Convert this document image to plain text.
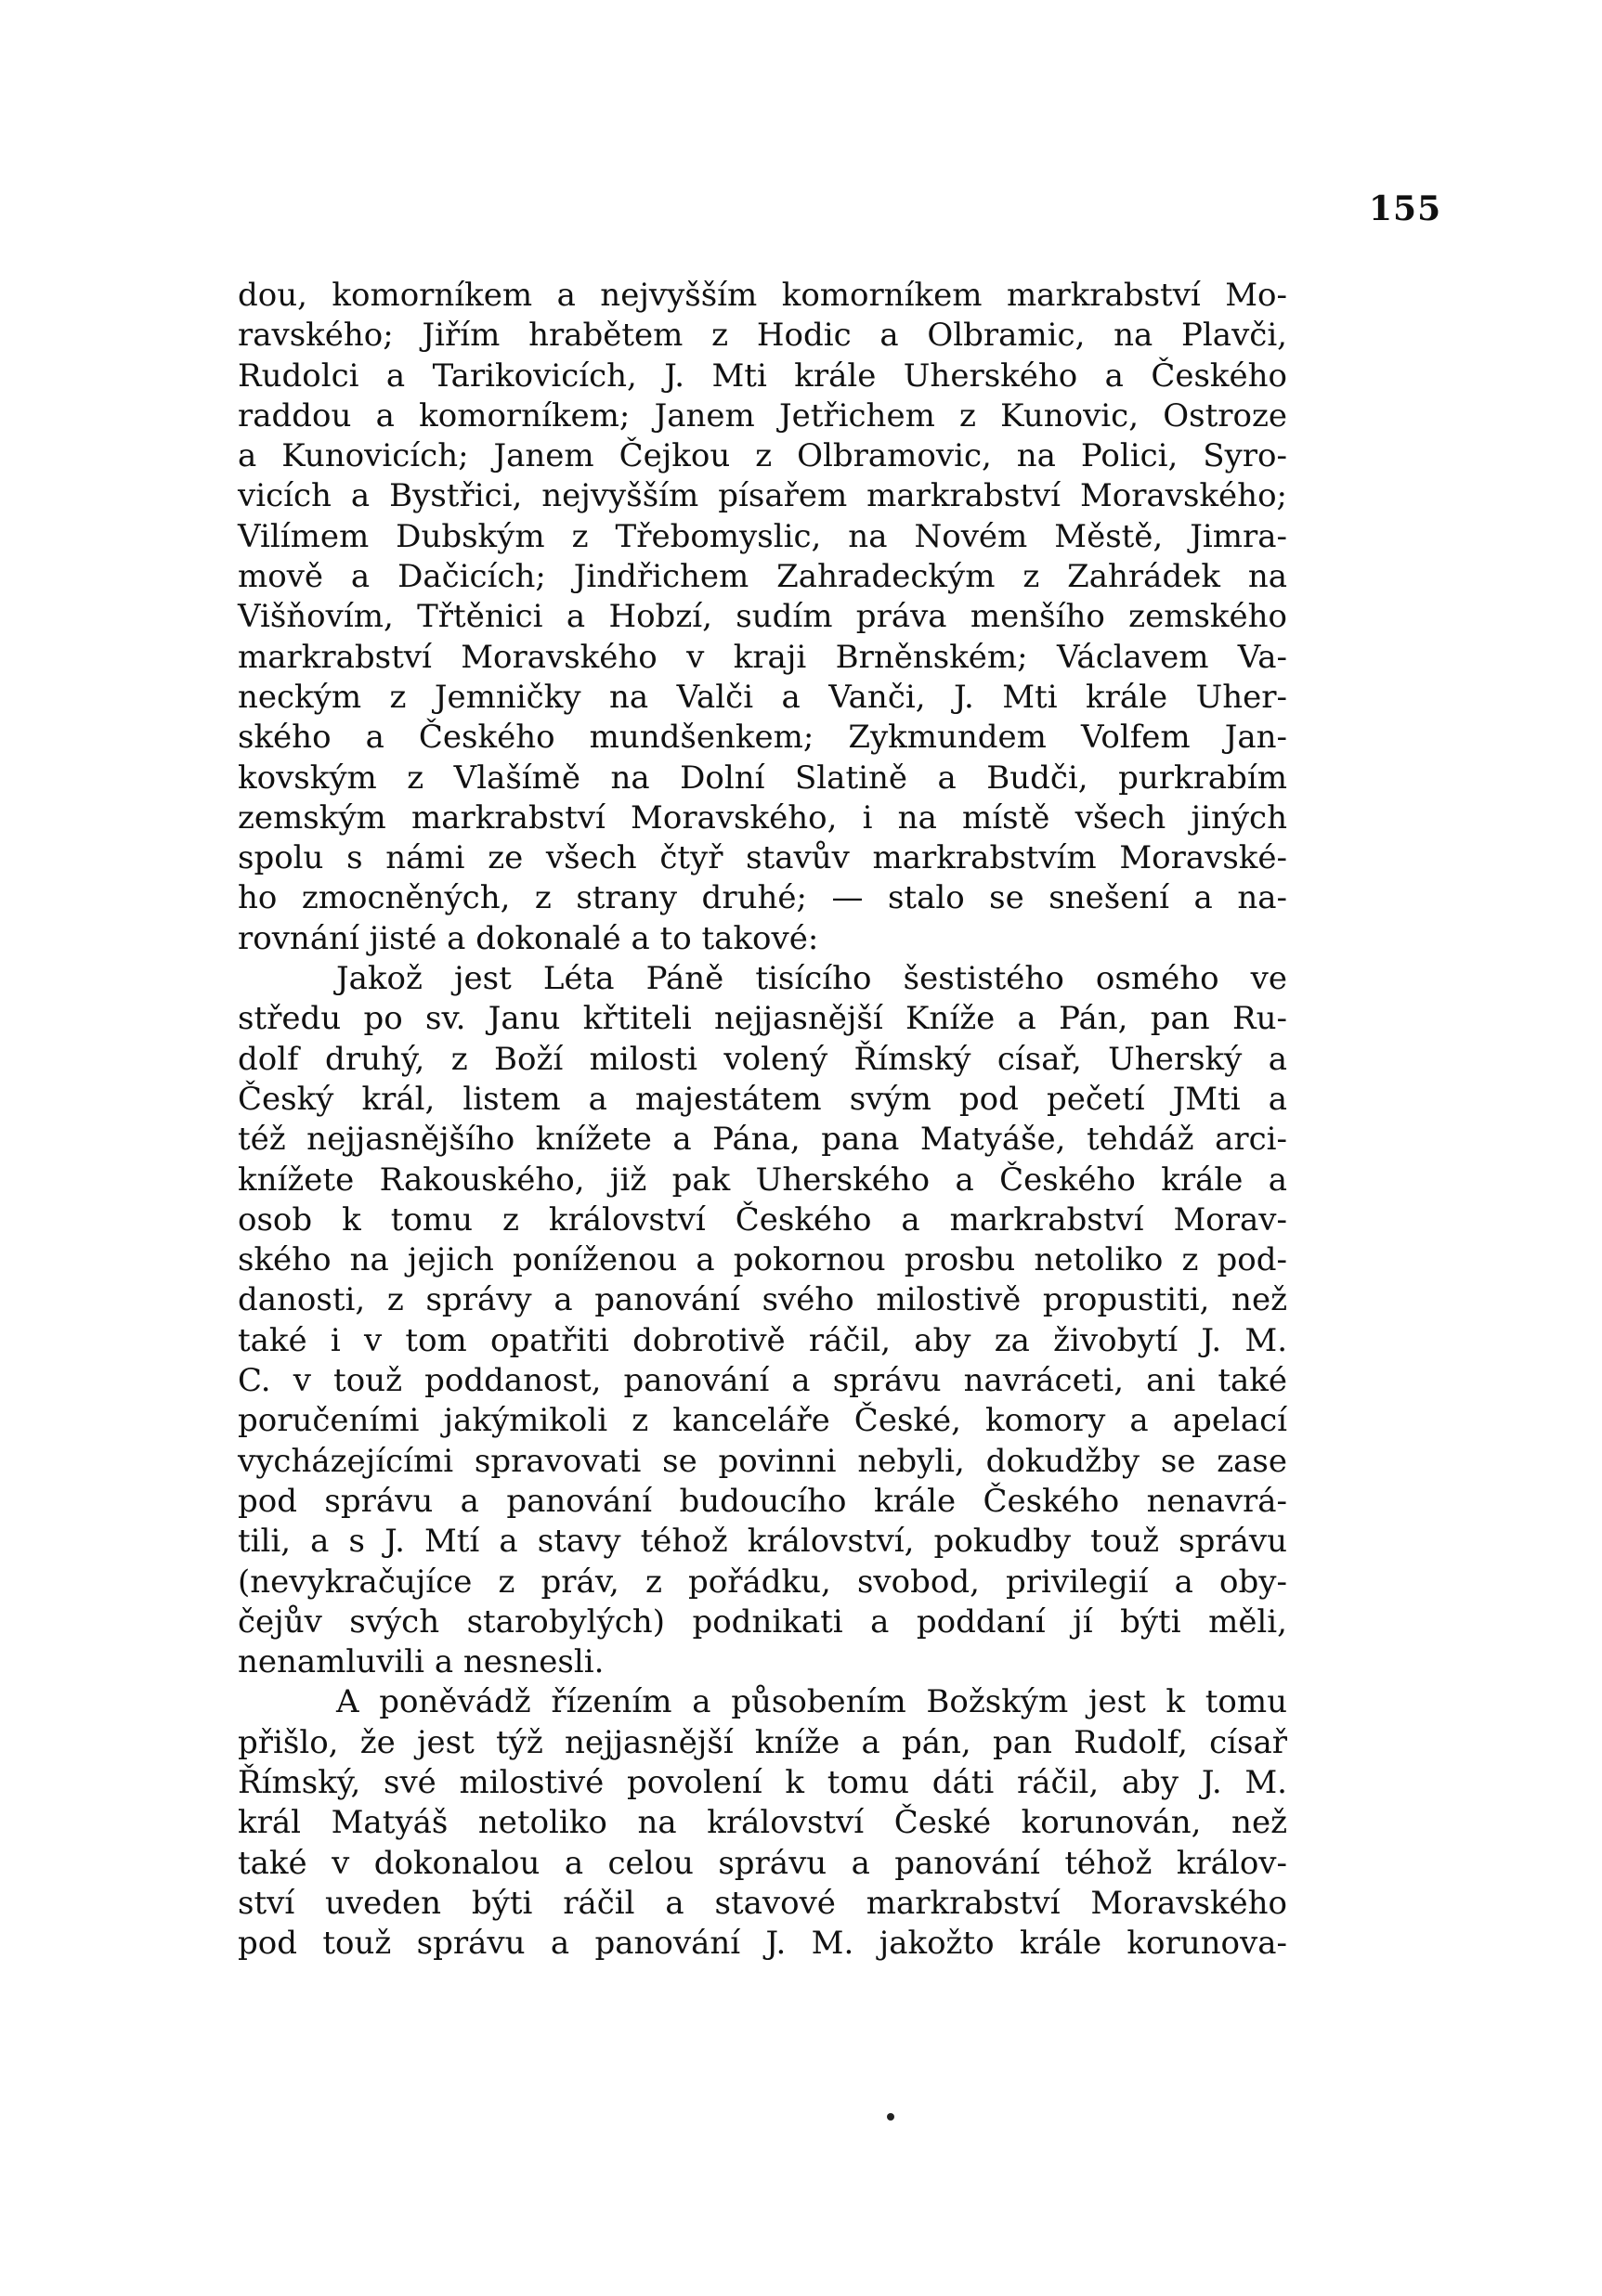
155
dou, komorníkem a nejvyšším komorníkem markrabství Mo-
ravského; Jiřím hrabětem z Hodic a Olbramic, na Plavči,
Rudolci a Tarikovicích, J. Mti krále Uherského a Českého
raddou a komorníkem; Janem Jetřichem z Kunovic, Ostroze
a Kunovicích; Janem Čejkou z Olbramovic, na Polici, Syro-
vicích a Bystřici, nejvyšším písařem markrabství Moravského;
Vilímem Dubským z Třebomyslic, na Novém Městě, Jimra-
mově a Dačicích; Jindřichem Zahradeckým z Zahrádek na
Višňovím, Třtěnici a Hobzí, sudím práva menšího zemského
markrabství Moravského v kraji Brněnském; Václavem Va-
neckým z Jemničky na Valči a Vanči, J. Mti krále Uher-
ského a Českého mundšenkem; Zykmundem Volfem Jan-
kovským z Vlašímě na Dolní Slatině a Budči, purkrabím
zemským markrabství Moravského, i na místě všech jiných
spolu s námi ze všech čtyř stavův markrabstvím Moravské-
ho zmocněných, z strany druhé; — stalo se snešení a na-
rovnání jisté a dokonalé a to takové:
Jakož jest Léta Páně tisícího šestistého osmého ve
středu po sv. Janu křtiteli nejjasnější Kníže a Pán, pan Ru-
dolf druhý, z Boží milosti volený Římský císař, Uherský a
Český král, listem a majestátem svým pod pečetí JMti a
též nejjasnějšího knížete a Pána, pana Matyáše, tehdáž arci-
knížete Rakouského, již pak Uherského a Českého krále a
osob k tomu z království Českého a markrabství Morav-
ského na jejich poníženou a pokornou prosbu netoliko z pod-
danosti, z správy a panování svého milostivě propustiti, než
také i v tom opatřiti dobrotivě ráčil, aby za živobytí J. M.
C. v touž poddanost, panování a správu navráceti, ani také
poručeními jakýmikoli z kanceláře České, komory a apelací
vycházejícími spravovati se povinni nebyli, dokudžby se zase
pod správu a panování budoucího krále Českého nenavrá-
tili, a s J. Mtí a stavy téhož království, pokudby touž správu
(nevykračujíce z práv, z pořádku, svobod, privilegií a oby-
čejův svých starobylých) podnikati a poddaní jí býti měli,
nenamluvili a nesnesli.
A poněvádž řízením a působením Božským jest k tomu
přišlo, že jest týž nejjasnější kníže a pán, pan Rudolf, císař
Římský, své milostivé povolení k tomu dáti ráčil, aby J. M.
král Matyáš netoliko na království České korunován, než
také v dokonalou a celou správu a panování téhož králov-
ství uveden býti ráčil a stavové markrabství Moravského
pod touž správu a panování J. M. jakožto krále korunova-
